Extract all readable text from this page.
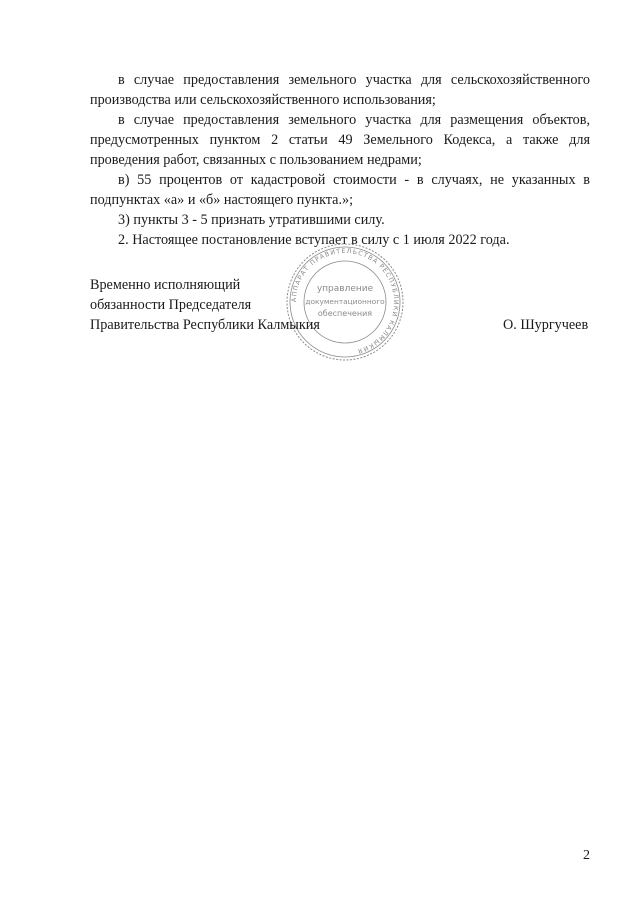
в случае предоставления земельного участка для сельскохозяйственного производства или сельскохозяйственного использования;

в случае предоставления земельного участка для размещения объектов, предусмотренных пунктом 2 статьи 49 Земельного Кодекса, а также для проведения работ, связанных с пользованием недрами;

в) 55 процентов от кадастровой стоимости - в случаях, не указанных в подпунктах «а» и «б» настоящего пункта.»;

3) пункты 3 - 5 признать утратившими силу.

2. Настоящее постановление вступает в силу с 1 июля 2022 года.

АППАРАТ ПРАВИТЕЛЬСТВА РЕСПУБЛИКИ КАЛМЫКИЯ
управление
документационного
обеспечения

Временно исполняющий

обязанности Председателя

Правительства Республики Калмыкия	О. Шургучеев
2
